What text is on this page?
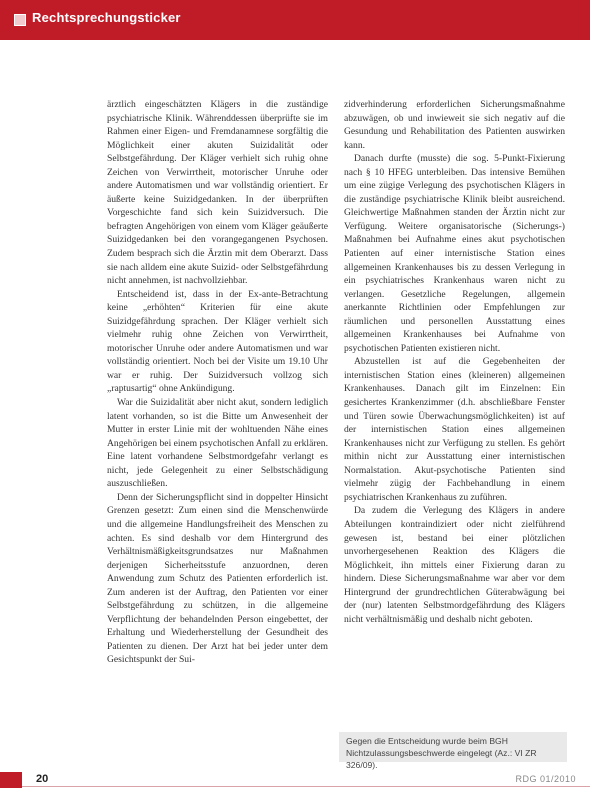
Rechtsprechungsticker

ärztlich eingeschätzten Klägers in die zuständige psychiatrische Klinik. Währenddessen überprüfte sie im Rahmen einer Eigen- und Fremdanamnese sorgfältig die Möglichkeit einer akuten Suizidalität oder Selbstgefährdung. Der Kläger verhielt sich ruhig ohne Zeichen von Verwirrtheit, motorischer Unruhe oder andere Automatismen und war vollständig orientiert. Er äußerte keine Suizidgedanken. In der überprüften Vorgeschichte fand sich kein Suizidversuch. Die befragten Angehörigen von einem vom Kläger geäußerte Suizidgedanken bei den vorangegangenen Psychosen. Zudem besprach sich die Ärztin mit dem Oberarzt. Dass sie nach alldem eine akute Suizid- oder Selbstgefährdung nicht annehmen, ist nachvollziehbar.

Entscheidend ist, dass in der Ex-ante-Betrachtung keine „erhöhten“ Kriterien für eine akute Suizidgefährdung sprachen. Der Kläger verhielt sich vielmehr ruhig ohne Zeichen von Verwirrtheit, motorischer Unruhe oder andere Automatismen und war vollständig orientiert. Noch bei der Visite um 19.10 Uhr war er ruhig. Der Suizidversuch vollzog sich „raptusartig“ ohne Ankündigung.

War die Suizidalität aber nicht akut, sondern lediglich latent vorhanden, so ist die Bitte um Anwesenheit der Mutter in erster Linie mit der wohltuenden Nähe eines Angehörigen bei einem psychotischen Anfall zu erklären. Eine latent vorhandene Selbstmordgefahr verlangt es nicht, jede Gelegenheit zu einer Selbstschädigung auszuschließen.

Denn der Sicherungspflicht sind in doppelter Hinsicht Grenzen gesetzt: Zum einen sind die Menschenwürde und die allgemeine Handlungsfreiheit des Menschen zu achten. Es sind deshalb vor dem Hintergrund des Verhältnismäßigkeitsgrundsatzes nur Maßnahmen derjenigen Sicherheitsstufe anzuordnen, deren Anwendung zum Schutz des Patienten erforderlich ist. Zum anderen ist der Auftrag, den Patienten vor einer Selbstgefährdung zu schützen, in die allgemeine Verpflichtung der behandelnden Person eingebettet, der Erhaltung und Wiederherstellung der Gesundheit des Patienten zu dienen. Der Arzt hat bei jeder unter dem Gesichtspunkt der Sui-

zidverhinderung erforderlichen Sicherungsmaßnahme abzuwägen, ob und inwieweit sie sich negativ auf die Gesundung und Rehabilitation des Patienten auswirken kann.

Danach durfte (musste) die sog. 5-Punkt-Fixierung nach § 10 HFEG unterbleiben. Das intensive Bemühen um eine zügige Verlegung des psychotischen Klägers in die zuständige psychiatrische Klinik bleibt ausreichend. Gleichwertige Maßnahmen standen der Ärztin nicht zur Verfügung. Weitere organisatorische (Sicherungs-) Maßnahmen bei Aufnahme eines akut psychotischen Patienten auf einer internistische Station eines allgemeinen Krankenhauses bis zu dessen Verlegung in ein psychiatrisches Krankenhaus waren nicht zu verlangen. Gesetzliche Regelungen, allgemein anerkannte Richtlinien oder Empfehlungen zur räumlichen und personellen Ausstattung eines allgemeinen Krankenhauses bei Aufnahme von psychotischen Patienten existieren nicht.

Abzustellen ist auf die Gegebenheiten der internistischen Station eines (kleineren) allgemeinen Krankenhauses. Danach gilt im Einzelnen: Ein gesichertes Krankenzimmer (d.h. abschließbare Fenster und Türen sowie Überwachungsmöglichkeiten) ist auf der internistischen Station eines allgemeinen Krankenhauses nicht zur Verfügung zu stellen. Es gehört mithin nicht zur Ausstattung einer internistischen Normalstation. Akut-psychotische Patienten sind vielmehr zügig der Fachbehandlung in einem psychiatrischen Krankenhaus zu zuführen.

Da zudem die Verlegung des Klägers in andere Abteilungen kontraindiziert oder nicht zielführend gewesen ist, bestand bei einer plötzlichen unvorhergesehenen Reaktion des Klägers die Möglichkeit, ihn mittels einer Fixierung daran zu hindern. Diese Sicherungsmaßnahme war aber vor dem Hintergrund der grundrechtlichen Güterabwägung bei der (nur) latenten Selbstmordgefährdung des Klägers nicht verhältnismäßig und deshalb nicht geboten.

Gegen die Entscheidung wurde beim BGH Nichtzulassungsbeschwerde eingelegt (Az.: VI ZR 326/09).
20	RDG 01/2010
